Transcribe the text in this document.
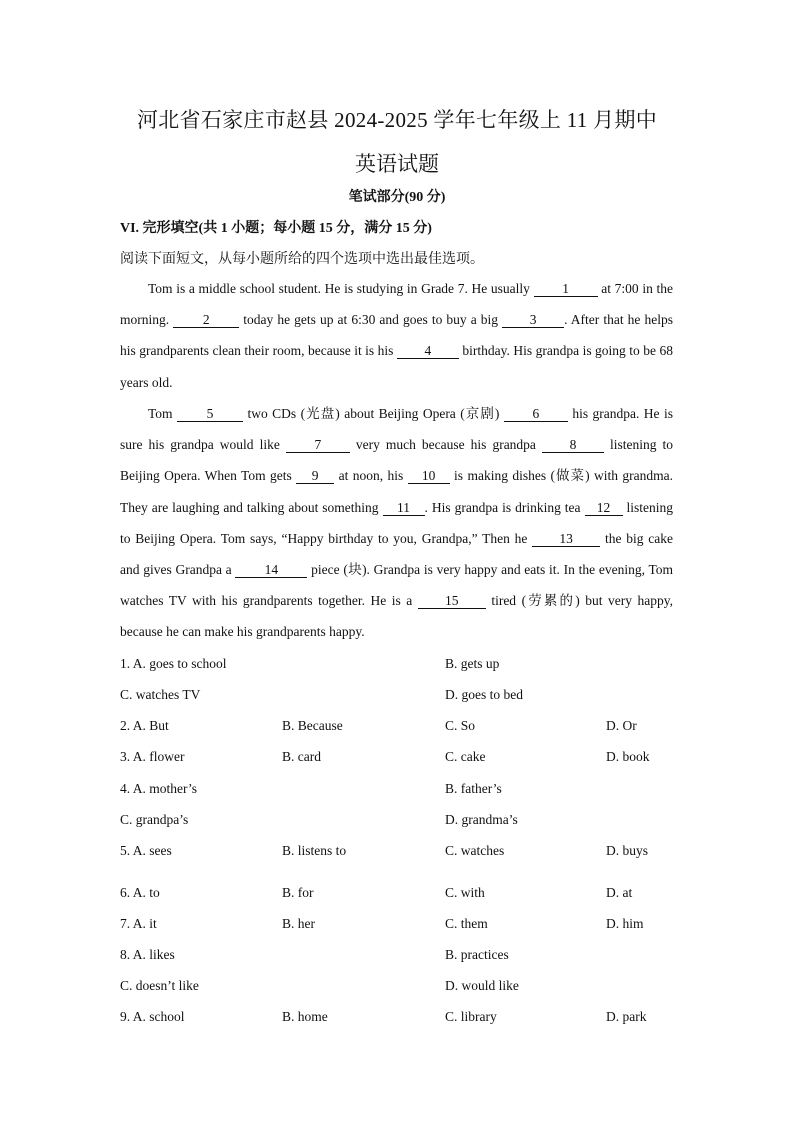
河北省石家庄市赵县 2024-2025 学年七年级上 11 月期中
英语试题
笔试部分(90 分)
VI. 完形填空(共 1 小题；每小题 15 分，满分 15 分)
阅读下面短文，从每小题所给的四个选项中选出最佳选项。
Tom is a middle school student. He is studying in Grade 7. He usually 1 at 7:00 in the morning. 2 today he gets up at 6:30 and goes to buy a big 3 . After that he helps his grandparents clean their room, because it is his 4 birthday. His grandpa is going to be 68 years old.
Tom 5 two CDs (光盘) about Beijing Opera (京剧) 6 his grandpa. He is sure his grandpa would like 7 very much because his grandpa 8 listening to Beijing Opera. When Tom gets 9 at noon, his 10 is making dishes (做菜) with grandma. They are laughing and talking about something 11 . His grandpa is drinking tea 12 listening to Beijing Opera. Tom says, “Happy birthday to you, Grandpa,” Then he 13 the big cake and gives Grandpa a 14 piece (块). Grandpa is very happy and eats it. In the evening, Tom watches TV with his grandparents together. He is a 15 tired (劳累的) but very happy, because he can make his grandparents happy.
1. A. goes to school	B. gets up
C. watches TV	D. goes to bed
2. A. But	B. Because	C. So	D. Or
3. A. flower	B. card	C. cake	D. book
4. A. mother’s	B. father’s
C. grandpa’s	D. grandma’s
5. A. sees	B. listens to	C. watches	D. buys
6. A. to	B. for	C. with	D. at
7. A. it	B. her	C. them	D. him
8. A. likes	B. practices
C. doesn’t like	D. would like
9. A. school	B. home	C. library	D. park
